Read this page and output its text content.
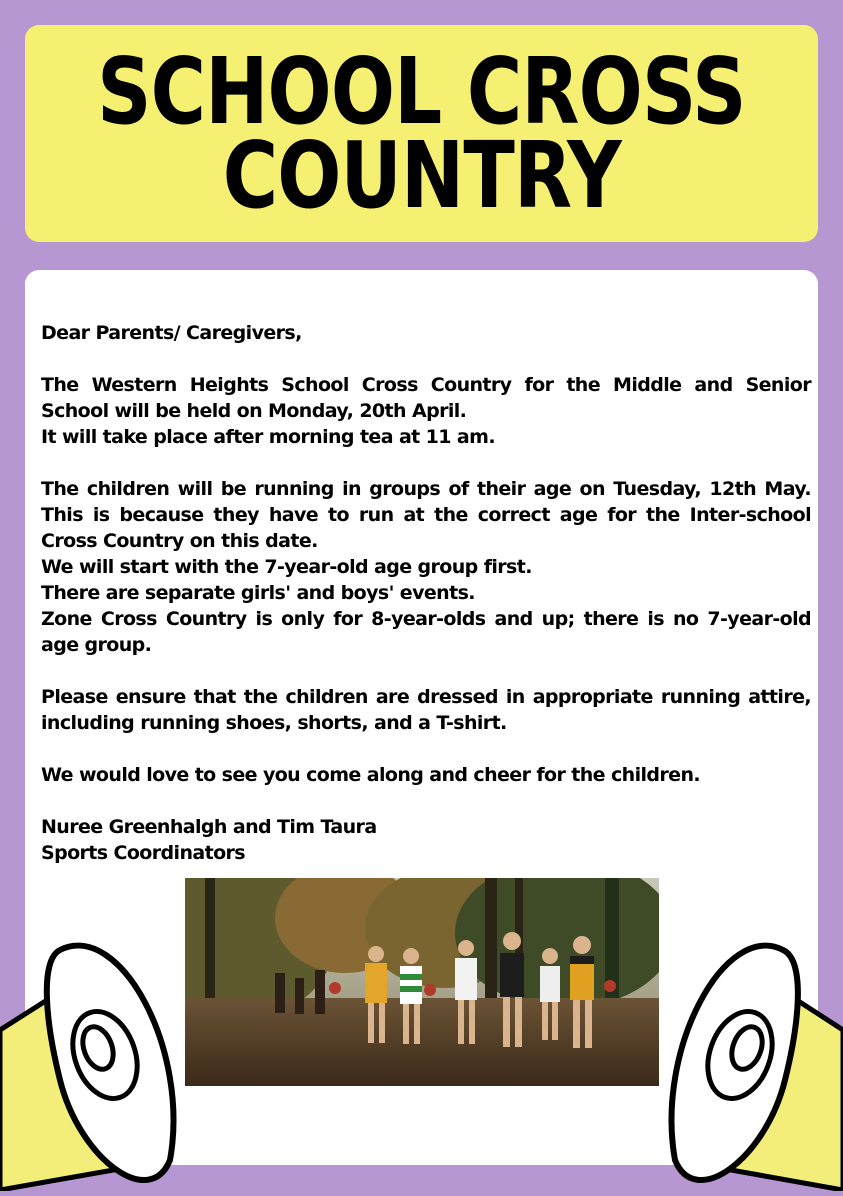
SCHOOL CROSS
COUNTRY

Dear Parents/ Caregivers,

The Western Heights School Cross Country for the Middle and Senior School will be held on Monday, 20th April.
It will take place after morning tea at 11 am.

The children will be running in groups of their age on Tuesday, 12th May. This is because they have to run at the correct age for the Inter-school Cross Country on this date.
We will start with the 7-year-old age group first.
There are separate girls' and boys' events.
Zone Cross Country is only for 8-year-olds and up; there is no 7-year-old age group.

Please ensure that the children are dressed in appropriate running attire, including running shoes, shorts, and a T-shirt.

We would love to see you come along and cheer for the children.

Nuree Greenhalgh and Tim Taura
Sports Coordinators
